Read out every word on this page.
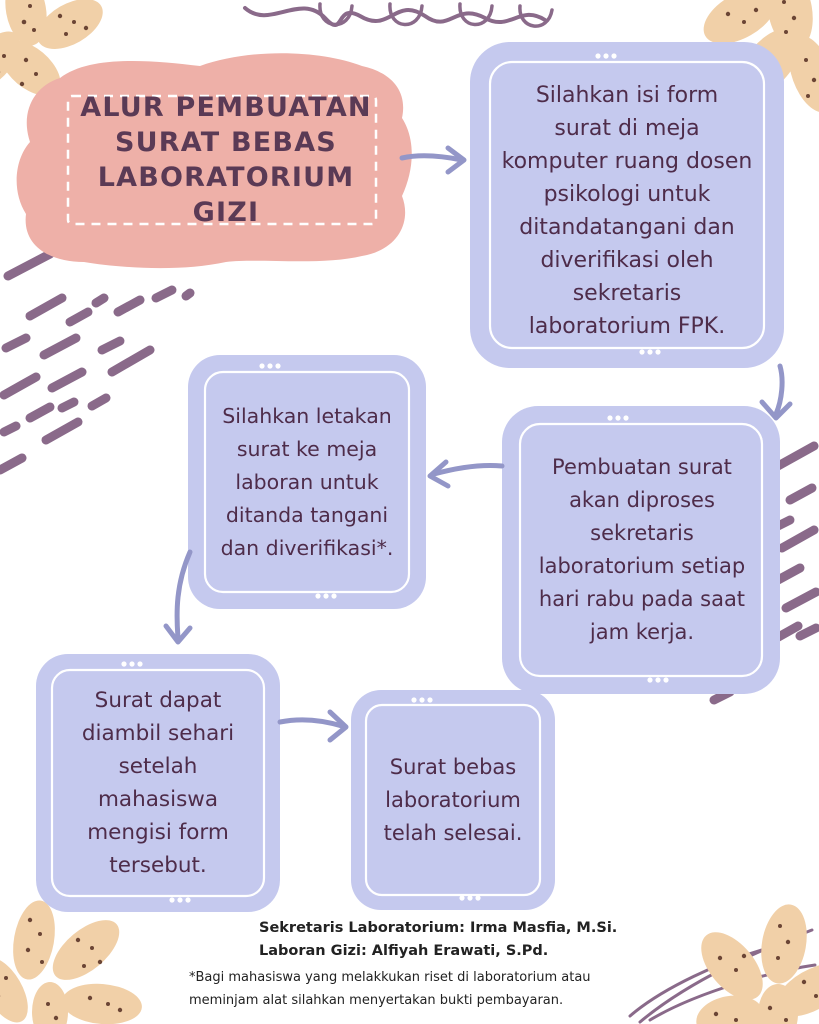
ALUR PEMBUATAN
SURAT BEBAS
LABORATORIUM GIZI
Silahkan isi form
surat di meja
komputer ruang dosen
psikologi untuk
ditandatangani dan
diverifikasi oleh
sekretaris
laboratorium FPK.
Pembuatan surat
akan diproses
sekretaris
laboratorium setiap
hari rabu pada saat
jam kerja.
Silahkan letakan
surat ke meja
laboran untuk
ditanda tangani
dan diverifikasi*.
Surat dapat
diambil sehari
setelah
mahasiswa
mengisi form
tersebut.
Surat bebas
laboratorium
telah selesai.
Sekretaris Laboratorium: Irma Masfia, M.Si.
Laboran Gizi: Alfiyah Erawati, S.Pd.
*Bagi mahasiswa yang melakkukan riset di laboratorium atau meminjam alat silahkan menyertakan bukti pembayaran.
